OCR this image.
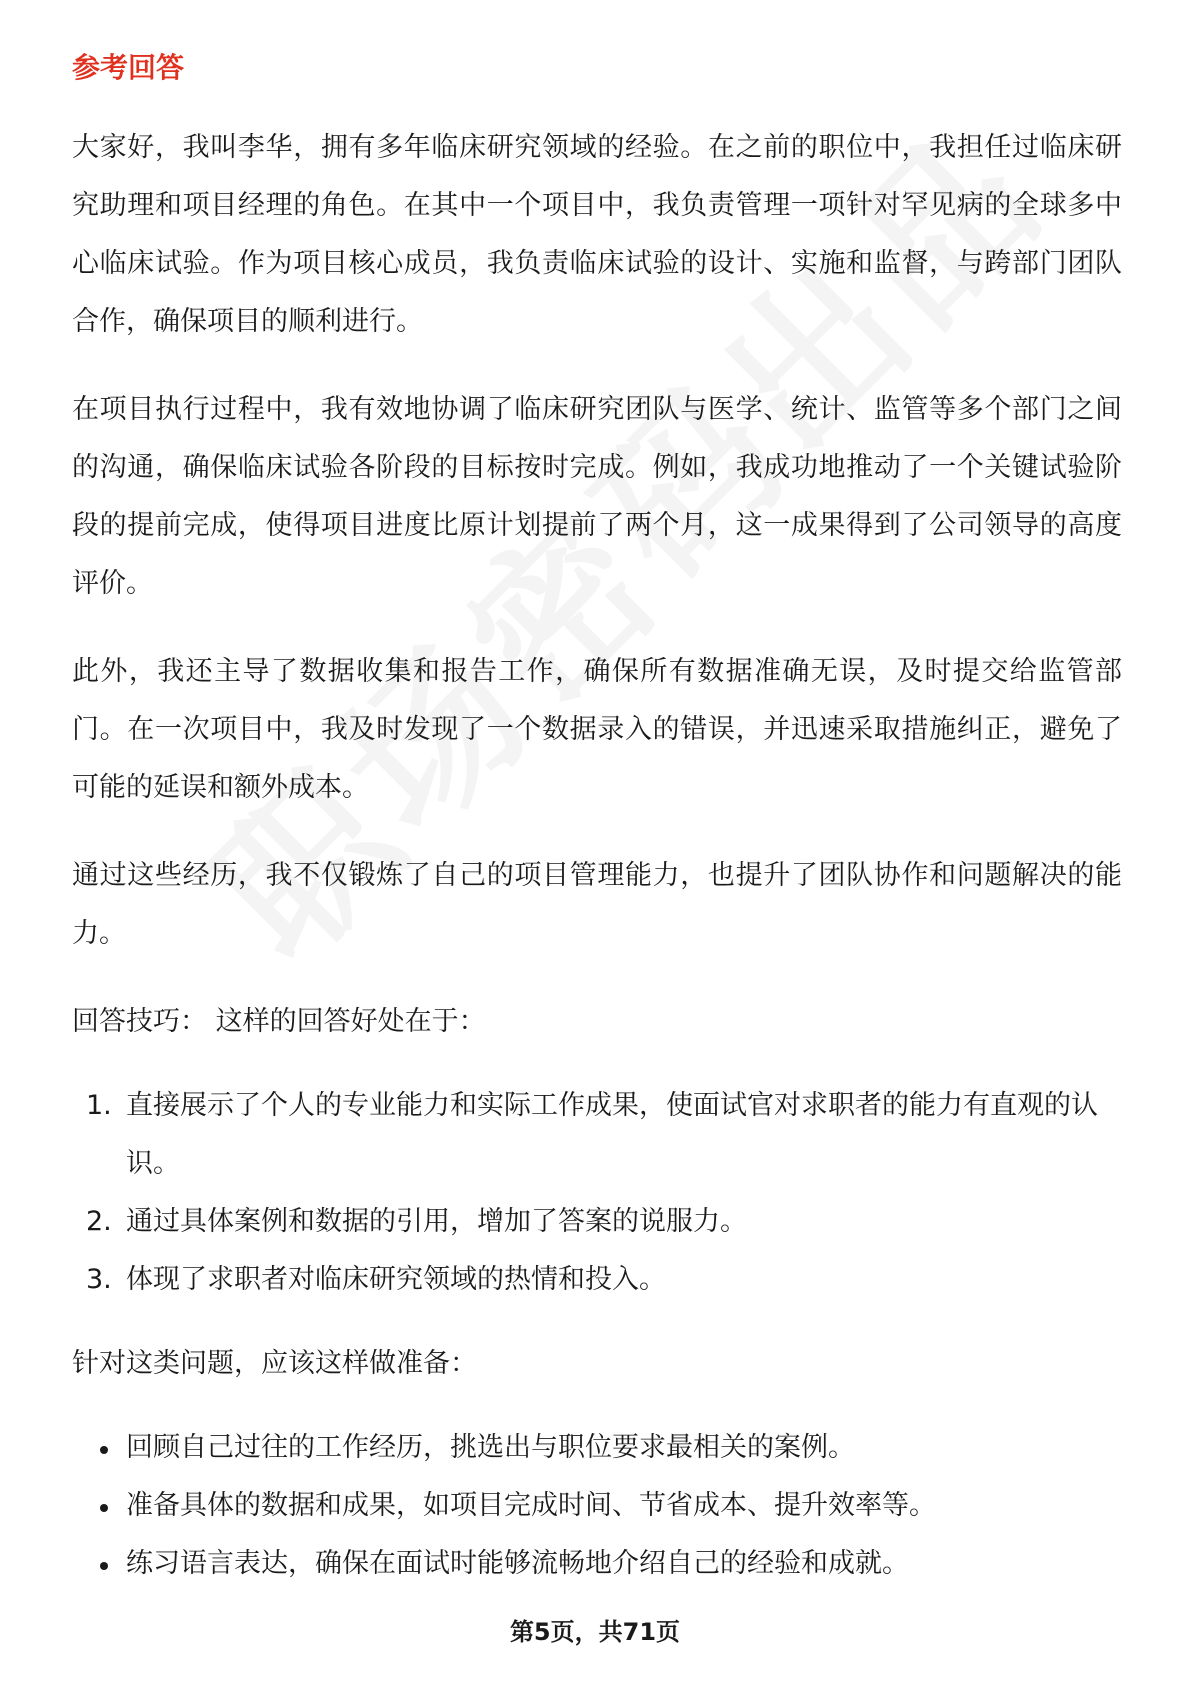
参考回答

大家好，我叫李华，拥有多年临床研究领域的经验。在之前的职位中，我担任过临床研究助理和项目经理的角色。在其中一个项目中，我负责管理一项针对罕见病的全球多中心临床试验。作为项目核心成员，我负责临床试验的设计、实施和监督，与跨部门团队合作，确保项目的顺利进行。

在项目执行过程中，我有效地协调了临床研究团队与医学、统计、监管等多个部门之间的沟通，确保临床试验各阶段的目标按时完成。例如，我成功地推动了一个关键试验阶段的提前完成，使得项目进度比原计划提前了两个月，这一成果得到了公司领导的高度评价。

此外，我还主导了数据收集和报告工作，确保所有数据准确无误，及时提交给监管部门。在一次项目中，我及时发现了一个数据录入的错误，并迅速采取措施纠正，避免了可能的延误和额外成本。

通过这些经历，我不仅锻炼了自己的项目管理能力，也提升了团队协作和问题解决的能力。

回答技巧： 这样的回答好处在于：
1. 直接展示了个人的专业能力和实际工作成果，使面试官对求职者的能力有直观的认识。
2. 通过具体案例和数据的引用，增加了答案的说服力。
3. 体现了求职者对临床研究领域的热情和投入。
针对这类问题，应该这样做准备：
回顾自己过往的工作经历，挑选出与职位要求最相关的案例。
准备具体的数据和成果，如项目完成时间、节省成本、提升效率等。
练习语言表达，确保在面试时能够流畅地介绍自己的经验和成就。
第5页，共71页
